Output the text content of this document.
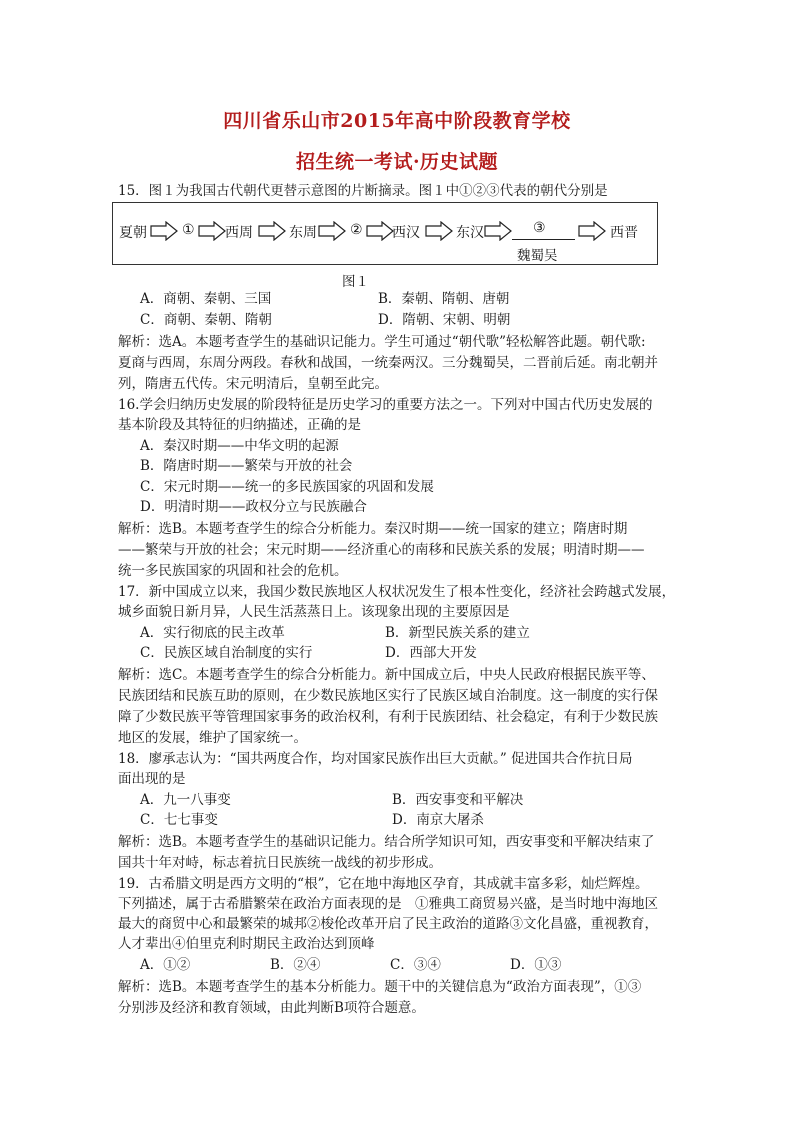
四川省乐山市2015年高中阶段教育学校
招生统一考试·历史试题
15．图１为我国古代朝代更替示意图的片断摘录。图１中①②③代表的朝代分别是
夏朝	① 西周	东周 ② 西汉	东汉	③
魏蜀吴
西晋
图１
A．商朝、秦朝、三国	B．秦朝、隋朝、唐朝
C．商朝、秦朝、隋朝	D．隋朝、宋朝、明朝
解析：选A。本题考查学生的基础识记能力。学生可通过“朝代歌”轻松解答此题。朝代歌:
夏商与西周，东周分两段。春秋和战国，一统秦两汉。三分魏蜀吴，二晋前后延。南北朝并
列，隋唐五代传。宋元明清后，皇朝至此完。
16.学会归纳历史发展的阶段特征是历史学习的重要方法之一。下列对中国古代历史发展的
基本阶段及其特征的归纳描述，正确的是
A．秦汉时期——中华文明的起源
B．隋唐时期——繁荣与开放的社会
C．宋元时期——统一的多民族国家的巩固和发展
D．明清时期——政权分立与民族融合
解析：选B。本题考查学生的综合分析能力。秦汉时期——统一国家的建立；隋唐时期
——繁荣与开放的社会；宋元时期——经济重心的南移和民族关系的发展；明清时期——
统一多民族国家的巩固和社会的危机。
17．新中国成立以来，我国少数民族地区人权状况发生了根本性变化，经济社会跨越式发展，
城乡面貌日新月异，人民生活蒸蒸日上。该现象出现的主要原因是
A．实行彻底的民主改革	B．新型民族关系的建立
C．民族区域自治制度的实行	D．西部大开发
解析：选C。本题考查学生的综合分析能力。新中国成立后，中央人民政府根据民族平等、
民族团结和民族互助的原则，在少数民族地区实行了民族区域自治制度。这一制度的实行保
障了少数民族平等管理国家事务的政治权利，有利于民族团结、社会稳定，有利于少数民族
地区的发展，维护了国家统一。
18．廖承志认为：“国共两度合作，均对国家民族作出巨大贡献。” 促进国共合作抗日局
面出现的是
A．九一八事变	B．西安事变和平解决
C．七七事变	D．南京大屠杀
解析：选B。本题考查学生的基础识记能力。结合所学知识可知，西安事变和平解决结束了
国共十年对峙，标志着抗日民族统一战线的初步形成。
19．古希腊文明是西方文明的“根”，它在地中海地区孕育，其成就丰富多彩，灿烂辉煌。
下列描述，属于古希腊繁荣在政治方面表现的是　①雅典工商贸易兴盛，是当时地中海地区
最大的商贸中心和最繁荣的城邦②梭伦改革开启了民主政治的道路③文化昌盛，重视教育，
人才辈出④伯里克利时期民主政治达到顶峰
A．①②	B．②④	C．③④	D．①③
解析：选B。本题考查学生的基本分析能力。题干中的关键信息为“政治方面表现”，①③
分别涉及经济和教育领域，由此判断B项符合题意。
